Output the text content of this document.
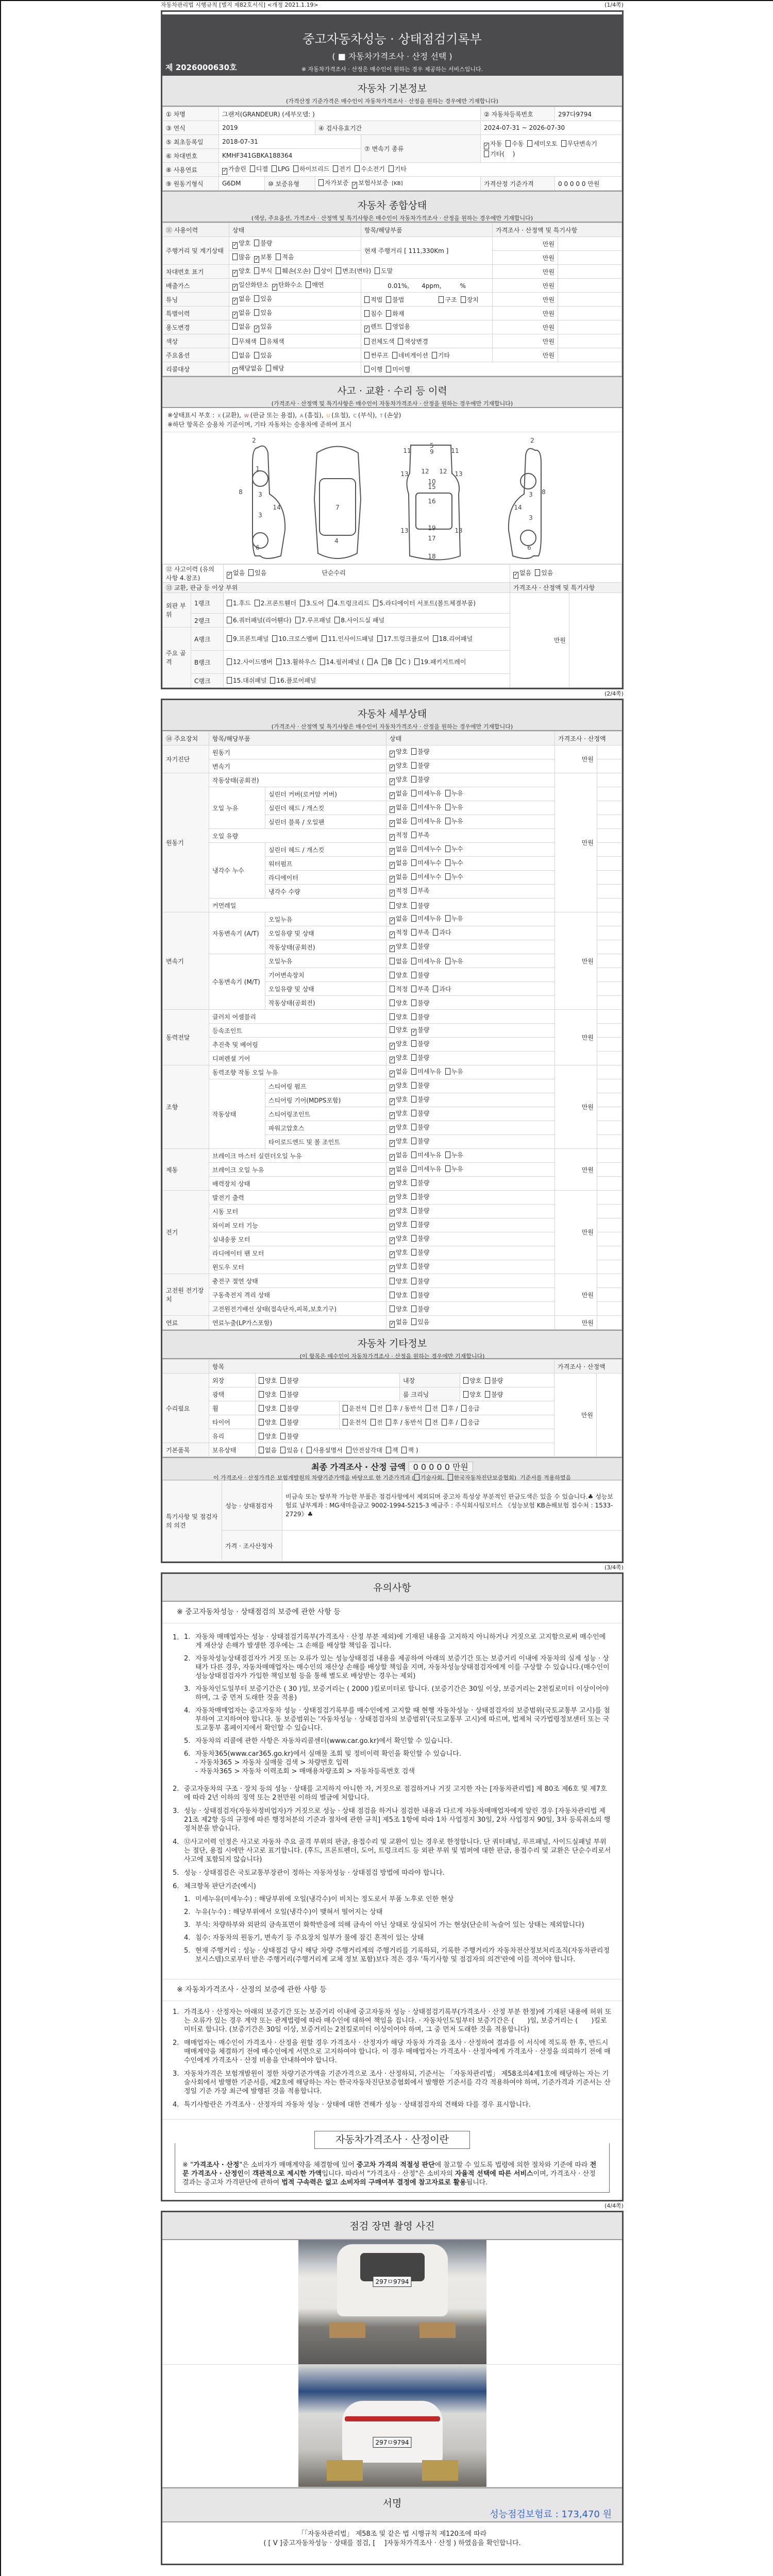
자동차관리법 시행규칙 [별지 제82호서식] <개정 2021.1.19>	(1/4쪽)
중고자동차성능 · 상태점검기록부
( ■ 자동차가격조사 · 산정 선택 )
※ 자동차가격조사 · 산정은 매수인이 원하는 경우 제공하는 서비스입니다.
제 2026000630호
자동차 기본정보
(가격산정 기준가격은 매수인이 자동차가격조사 · 산정을 원하는 경우에만 기재합니다)
① 차명	그랜저(GRANDEUR) (세부모델: )				② 자동차등록번호	297다9794
③ 연식	2019		④ 검사유효기간		2024-07-31 ~ 2026-07-30	
⑤ 최초등록일	2018-07-31			⑦ 변속기 종류	✓ 자동 수동 세미오토 무단변속기기타(　 )	
⑥ 차대번호	KMHF341GBKA188364					
⑧ 사용연료	✓ 가솔린 디젤 LPG 하이브리드 전기 수소전기 기타					
⑨ 원동기형식	G6DM	⑩ 보증유형	자가보증 ✓ 보험사보증 [KB]		가격산정 기준가격	0 0 0 0 0 만원
자동차 종합상태
(색상, 주요옵션, 가격조사 · 산정액 및 특기사항은 매수인이 자동차가격조사 · 산정을 원하는 경우에만 기재합니다)
⑪ 사용이력	상태	항목/해당부품	가격조사 · 산정액 및 특기사항	
주행거리 및 계기상태	✓ 양호 불량	현재 주행거리 [ 111,330Km ]	만원	
	많음 ✓ 보통 적음		만원	
차대번호 표기	✓ 양호 부식 훼손(오손) 상이 변조(변타) 도말		만원	
배출가스	✓ 일산화탄소 ✓ 탄화수소 매연	0.01%,　　4ppm,　　　%	만원	
튜닝	✓ 없음 있음	적법 불법 구조 장치	만원	
특별이력	✓ 없음 있음	침수 화재	만원	
용도변경	없음 ✓ 있음	✓ 렌트 영업용	만원	
색상	무채색 유채색	전체도색 색상변경	만원	
주요옵션	없음 있음	썬루프 네비게이션 기타	만원	
리콜대상	✓ 해당없음 해당	이행 미이행		
사고 · 교환 · 수리 등 이력
(가격조사 · 산정액 및 특기사항은 매수인이 자동차가격조사 · 산정을 원하는 경우에만 기재합니다)
※상태표시 부호 : X (교환), W (판금 또는 용접), A (흠집), U (요철), C (부식), T (손상)
※하단 항목은 승용차 기준이며, 기타 자동차는 승용차에 준하여 표시
1
2
3
3
4
5
6
7
8
9
10
11	11
12 12
13	13
13	13
14
15
16
17
18
19
2
3
3
6
8
14
⑫ 사고이력 (유의사항 4.참조)		✓ 없음 있음 단순수리	✓ 없음 있음	
⑬ 교환, 판금 등 이상 부위			가격조사 · 산정액 및 특기사항	
외판 부위	1랭크	1.후드 2.프론트휀더 3.도어 4.트렁크리드 5.라디에이터 서포트(볼트체결부품)	만원	
	2랭크	6.쿼터패널(리어휀다) 7.루프패널 8.사이드실 패널		
주요 골격	A랭크	9.프론트패널 10.크로스멤버 11.인사이드패널 17.트렁크플로어 18.리어패널		
	B랭크	12.사이드멤버 13.휠하우스 14.필러패널 ( A B C ) 19.패키지트레이		
	C랭크	15.대쉬패널 16.플로어패널		
(2/4쪽)
자동차 세부상태
(가격조사 · 산정액 및 특기사항은 매수인이 자동차가격조사 · 산정을 원하는 경우에만 기재합니다)
⑭ 주요장치	항목/해당부품		상태	가격조사 · 산정액	
자기진단	원동기		✓ 양호 불량	만원	
	변속기		✓ 양호 불량		
원동기	작동상태(공회전)		✓ 양호 불량	만원	
	오일 누유	실린더 커버(로커암 커버)	✓ 없음 미세누유 누유		
		실린더 헤드 / 개스킷	✓ 없음 미세누유 누유		
		실린더 블록 / 오일팬	✓ 없음 미세누유 누유		
	오일 유량		✓ 적정 부족		
	냉각수 누수	실린더 헤드 / 개스킷	✓ 없음 미세누수 누수		
		워터펌프	✓ 없음 미세누수 누수		
		라디에이터	✓ 없음 미세누수 누수		
		냉각수 수량	✓ 적정 부족		
	커먼레일		양호 불량		
변속기	자동변속기 (A/T)	오일누유	✓ 없음 미세누유 누유	만원	
		오일유량 및 상태	✓ 적정 부족 과다		
		작동상태(공회전)	✓ 양호 불량		
	수동변속기 (M/T)	오일누유	없음 미세누유 누유		
		기어변속장치	양호 불량		
		오일유량 및 상태	적정 부족 과다		
		작동상태(공회전)	양호 불량		
동력전달	클러치 어셈블리		양호 불량	만원	
	등속조인트		양호 ✓ 불량		
	추진축 및 베어링		✓ 양호 불량		
	디퍼렌셜 기어		✓ 양호 불량		
조향	동력조향 작동 오일 누유		✓ 없음 미세누유 누유	만원	
	작동상태	스티어링 펌프	✓ 양호 불량		
		스티어링 기어(MDPS포함)	✓ 양호 불량		
		스티어링조인트	✓ 양호 불량		
		파워고압호스	✓ 양호 불량		
		타이로드엔드 및 볼 조인트	✓ 양호 불량		
제동	브레이크 마스터 실린더오일 누유		✓ 없음 미세누유 누유	만원	
	브레이크 오일 누유		✓ 없음 미세누유 누유		
	배력장치 상태		✓ 양호 불량		
전기	발전기 출력		✓ 양호 불량	만원	
	시동 모터		✓ 양호 불량		
	와이퍼 모터 기능		✓ 양호 불량		
	실내송풍 모터		✓ 양호 불량		
	라디에이터 팬 모터		✓ 양호 불량		
	윈도우 모터		✓ 양호 불량		
고전원 전기장치	충전구 절연 상태		양호 불량	만원	
	구동축전지 격리 상태		양호 불량		
	고전원전기배선 상태(접속단자,피복,보호기구)		양호 불량		
연료	연료누출(LP가스포함)		✓ 없음 있음	만원	
자동차 기타정보
(이 항목은 매수인이 자동차가격조사 · 산정을 원하는 경우에만 기재합니다)
	항목					가격조사 · 산정액	
수리필요	외장	양호 불량		내장	양호 불량	만원	
	광택	양호 불량		룸 크리닝	양호 불량		
	휠	양호 불량	운전석 전 후 / 동반석 전 후 / 응급				
	타이어	양호 불량	운전석 전 후 / 동반석 전 후 / 응급				
	유리	양호 불량					
기본품목	보유상태	없음 있음 ( 사용설명서 안전삼각대 잭 잭 )					
최종 가격조사 · 산정 금액 0 0 0 0 0 만원
이 가격조사 · 산정가격은 보험개발원의 차량기준가액을 바탕으로 한 기준가격과 ( 기술사회, 한국자동차진단보증협회) 기준서를 적용하였음
특기사항 및 점검자의 의견	성능 · 상태점검자	비금속 또는 탈부착 가능한 부품은 점검사항에서 제외되며 중고차 특성상 부분적인 판금도색은 있을 수 있습니다.♣ 성능보험료 납부계좌 : MG새마을금고 9002-1994-5215-3 예금주 : 주식회사팀모터스 《성능보험 KB손해보험 접수처 : 1533-2729》♣
	가격 · 조사산정자	
(3/4쪽)
유의사항
※ 중고자동차성능 · 상태점검의 보증에 관한 사항 등
1. 1. 자동차 매매업자는 성능 · 상태점검기록부(가격조사 · 산정 부분 제외)에 기재된 내용을 고지하지 아니하거나 거짓으로 고지함으로써 매수인에게 재산상 손해가 발생한 경우에는 그 손해를 배상할 책임을 집니다.
2. 자동차성능상태점검자가 거짓 또는 오류가 있는 성능상태점검 내용을 제공하여 아래의 보증기간 또는 보증거리 이내에 자동차의 실제 성능 · 상태가 다른 경우, 자동차매매업자는 매수인의 재산상 손해를 배상할 책임을 지며, 자동차성능상태점검자에게 이를 구상할 수 있습니다.(매수인이 성능상태점검자가 가입한 책임보험 등을 통해 별도로 배상받는 경우는 제외)
3. 자동차인도일부터 보증기간은 ( 30 )일, 보증거리는 ( 2000 )킬로미터로 합니다. (보증기간은 30일 이상, 보증거리는 2천킬로미터 이상이어야 하며, 그 중 먼저 도래한 것을 적용)
4. 자동차매매업자는 중고자동차 성능 · 상태점검기록부를 매수인에게 고지할 때 현행 자동차성능 · 상태점검자의 보증범위(국토교통부 고시)를 첨부하여 고지하여야 합니다. 동 보증범위는 '자동차성능 · 상태점검자의 보증범위'(국토교통부 고시)에 따르며, 법제처 국가법령정보센터 또는 국토교통부 홈페이지에서 확인할 수 있습니다.
5. 자동차의 리콜에 관한 사항은 자동차리콜센터(www.car.go.kr)에서 확인할 수 있습니다.
6. 자동차365(www.car365.go.kr)에서 실매물 조회 및 정비이력 확인을 확인할 수 있습니다.
- 자동차365 > 자동차 실매물 검색 > 차량번호 입력
- 자동차365 > 자동차 이력조회 > 매매용차량조회 > 자동차등록번호 검색
2. 중고자동차의 구조 · 장치 등의 성능 · 상태를 고지하지 아니한 자, 거짓으로 점검하거나 거짓 고지한 자는 [자동차관리법] 제 80조 제6호 및 제7호에 따라 2년 이하의 징역 또는 2천만원 이하의 벌금에 처합니다.
3. 성능 · 상태점검자(자동차정비업자)가 거짓으로 성능 · 상태 점검을 하거나 점검한 내용과 다르게 자동차매매업자에게 알린 경우 [자동차관리법 제21조 제2항 등의 규정에 따른 행정처분의 기준과 절차에 관한 규칙] 제5조 1항에 따라 1차 사업정지 30일, 2차 사업정지 90일, 3차 등록취소의 행정처분을 받습니다.
4. ⑫사고이력 인정은 사고로 자동차 주요 골격 부위의 판금, 용접수리 및 교환이 있는 경우로 한정합니다. 단 쿼터패널, 루프패널, 사이드실패널 부위는 절단, 용접 시에만 사고로 표기합니다. (후드, 프론트펜더, 도어, 트렁크리드 등 외판 부위 및 범퍼에 대한 판금, 용접수리 및 교환은 단순수리로서 사고에 포함되지 않습니다)
5. 성능 · 상태점검은 국토교통부장관이 정하는 자동차성능 · 상태점검 방법에 따라야 합니다.
6. 체크항목 판단기준(예시)
1. 미세누유(미세누수) : 해당부위에 오일(냉각수)이 비치는 정도로서 부품 노후로 인한 현상
2. 누유(누수) : 해당부위에서 오일(냉각수)이 맺혀서 떨어지는 상태
3. 부식: 차량하부와 외판의 금속표면이 화학반응에 의해 금속이 아닌 상태로 상실되어 가는 현상(단순히 녹슬어 있는 상태는 제외합니다)
4. 침수: 자동차의 원동기, 변속기 등 주요장치 일부가 물에 잠긴 흔적이 있는 상태
5. 현재 주행거리 : 성능 · 상태점검 당시 해당 차량 주행거리계의 주행거리를 기록하되, 기록한 주행거리가 자동차전산정보처리조직(자동차관리정보시스템)으로부터 받은 주행거리(주행거리계 교체 정보 포함)보다 적은 경우 '특기사항 및 점검자의 의견'란에 이를 적어야 합니다.
※ 자동차가격조사 · 산정의 보증에 관한 사항 등
1. 가격조사 · 산정자는 아래의 보증기간 또는 보증거리 이내에 중고자동차 성능 · 상태점검기록부(가격조사 · 산정 부분 한정)에 기재된 내용에 허위 또는 오류가 있는 경우 계약 또는 관계법령에 따라 매수인에 대하여 책임을 집니다. · 자동차인도일부터 보증기간은 (　　)일, 보증거리는 (　　)킬로미터로 합니다. (보증기간은 30일 이상, 보증거리는 2천킬로미터 이상이어야 하며, 그 중 먼저 도래한 것을 적용합니다)
2. 매매업자는 매수인이 가격조사 · 산정을 원할 경우 가격조사 · 산정자가 해당 자동차 가격을 조사 · 산정하여 결과를 이 서식에 적도록 한 후, 반드시 매매계약을 체결하기 전에 매수인에게 서면으로 고지하여야 합니다. 이 경우 매매업자는 가격조사 · 산정자에게 가격조사 · 산정을 의뢰하기 전에 매수인에게 가격조사 · 산정 비용을 안내하여야 합니다.
3. 자동차가격은 보험개발원이 정한 차량기준가액을 기준가격으로 조사 · 산정하되, 기준서는 「자동차관리법」 제58조의4제1호에 해당하는 자는 기술사회에서 발행한 기준서를, 제2호에 해당하는 자는 한국자동차진단보증협회에서 발행한 기준서를 각각 적용하여야 하며, 기준가격과 기준서는 산정일 기준 가장 최근에 발행된 것을 적용합니다.
4. 특기사항란은 가격조사 · 산정자의 자동차 성능 · 상태에 대한 견해가 성능 · 상태점검자의 견해와 다를 경우 표시합니다.
자동차가격조사 · 산정이란

※ "가격조사 · 산정"은 소비자가 매매계약을 체결함에 있어 중고차 가격의 적절성 판단에 참고할 수 있도록 법령에 의한 절차와 기준에 따라 전문 가격조사 · 산정인이 객관적으로 제시한 가액입니다. 따라서 "가격조사 · 산정"은 소비자의 자율적 선택에 따른 서비스이며, 가격조사 · 산정 결과는 중고차 가격판단에 관하여 법적 구속력은 없고 소비자의 구매여부 결정에 참고자료로 활용됩니다.

(4/4쪽)
점검 장면 촬영 사진
297ㅁ9794
297ㅁ9794
서명
성능점검보험료 : 173,470 원
「「자동차관리법」 제58조 및 같은 법 시행규칙 제120조에 따라
( [ V ]중고자동차성능 · 상태를 점검, [　 ]자동차가격조사 · 산정 ) 하였음을 확인합니다.
